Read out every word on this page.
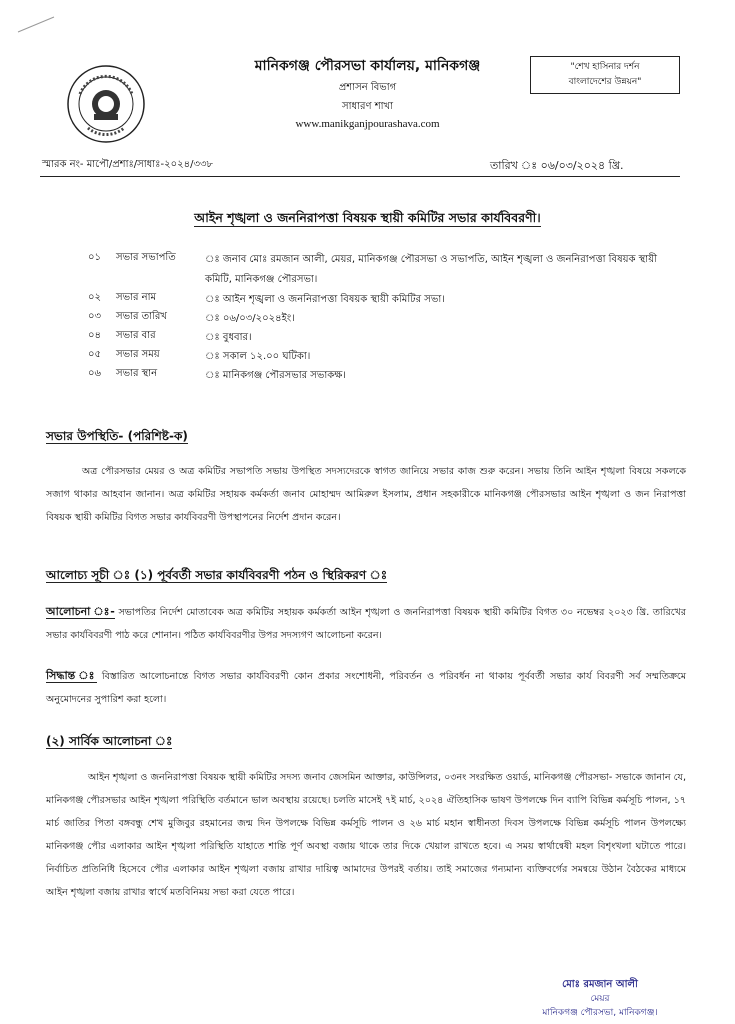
মানিকগঞ্জ পৌরসভা কার্যালয়, মানিকগঞ্জ
প্রশাসন বিভাগ
সাধারণ শাখা
www.manikganjpourashava.com
"শেখ হাসিনার দর্শন
বাংলাদেশের উন্নয়ন"
স্মারক নং- মাপৌ/প্রশাঃ/সাধাঃ-২০২৪/৩৩৮	তারিখ ঃ ০৬/০৩/২০২৪ খ্রি.
আইন শৃঙ্খলা ও জননিরাপত্তা বিষয়ক স্থায়ী কমিটির সভার কার্যবিবরণী।
০১ সভার সভাপতি	ঃ জনাব মোঃ রমজান আলী, মেয়র, মানিকগঞ্জ পৌরসভা ও সভাপতি, আইন শৃঙ্খলা ও জননিরাপত্তা বিষয়ক স্থায়ী কমিটি, মানিকগঞ্জ পৌরসভা।
০২ সভার নাম	ঃ আইন শৃঙ্খলা ও জননিরাপত্তা বিষয়ক স্থায়ী কমিটির সভা।
০৩ সভার তারিখ	ঃ ০৬/০৩/২০২৪ইং।
০৪ সভার বার	ঃ বুধবার।
০৫ সভার সময়	ঃ সকাল ১২.০০ ঘটিকা।
০৬ সভার স্থান	ঃ মানিকগঞ্জ পৌরসভার সভাকক্ষ।
সভার উপস্থিতি- (পরিশিষ্ট-ক)
অত্র পৌরসভার মেয়র ও অত্র কমিটির সভাপতি সভায় উপস্থিত সদস্যদেরকে স্বাগত জানিয়ে সভার কাজ শুরু করেন। সভায় তিনি আইন শৃঙ্খলা বিষয়ে সকলকে সজাগ থাকার আহবান জানান। অত্র কমিটির সহায়ক কর্মকর্তা জনাব মোহাম্মদ আমিরুল ইসলাম, প্রধান সহকারীকে মানিকগঞ্জ পৌরসভার আইন শৃঙ্খলা ও জন নিরাপত্তা বিষয়ক স্থায়ী কমিটির বিগত সভার কার্যবিবরণী উপস্থাপনের নির্দেশ প্রদান করেন।
আলোচ্য সূচী ঃ (১) পূর্ববর্তী সভার কার্যবিবরণী পঠন ও স্থিরিকরণ ঃ
আলোচনা ঃ- সভাপতির নির্দেশ মোতাবেক অত্র কমিটির সহায়ক কর্মকর্তা আইন শৃঙ্খলা ও জননিরাপত্তা বিষয়ক স্থায়ী কমিটির বিগত ৩০ নভেম্বর ২০২৩ খ্রি. তারিখের সভার কার্যবিবরণী পাঠ করে শোনান। পঠিত কার্যবিবরণীর উপর সদস্যগণ আলোচনা করেন।
সিদ্ধান্ত ঃ বিস্তারিত আলোচনান্তে বিগত সভার কার্যবিবরণী কোন প্রকার সংশোধনী, পরিবর্তন ও পরিবর্ধন না থাকায় পূর্ববর্তী সভার কার্য বিবরণী সর্ব সম্মতিক্রমে অনুমোদনের সুপারিশ করা হলো।
(২) সার্বিক আলোচনা ঃ
আইন শৃঙ্খলা ও জননিরাপত্তা বিষয়ক স্থায়ী কমিটির সদস্য জনাব জেসমিন আক্তার, কাউন্সিলর, ০৩নং সংরক্ষিত ওয়ার্ড, মানিকগঞ্জ পৌরসভা- সভাকে জানান যে, মানিকগঞ্জ পৌরসভার আইন শৃঙ্খলা পরিস্থিতি বর্তমানে ভাল অবস্থায় রয়েছে। চলতি মাসেই ৭ই মার্চ, ২০২৪ ঐতিহাসিক ভাষণ উপলক্ষে দিন ব্যাপি বিভিন্ন কর্মসূচি পালন, ১৭ মার্চ জাতির পিতা বঙ্গবন্ধু শেখ মুজিবুর রহমানের জন্ম দিন উপলক্ষে বিভিন্ন কর্মসূচি পালন ও ২৬ মার্চ মহান স্বাধীনতা দিবস উপলক্ষে বিভিন্ন কর্মসূচি পালন উপলক্ষ্যে মানিকগঞ্জ পৌর এলাকার আইন শৃঙ্খলা পরিস্থিতি যাহাতে শান্তি পূর্ণ অবস্থা বজায় থাকে তার দিকে খেয়াল রাখতে হবে। এ সময় স্বার্থান্বেষী মহল বিশৃংখলা ঘটাতে পারে। নির্বাচিত প্রতিনিধি হিসেবে পৌর এলাকার আইন শৃঙ্খলা বজায় রাখার দায়িত্ব আমাদের উপরই বর্তায়। তাই সমাজের গন্যমান্য ব্যক্তিবর্গের সমন্বয়ে উঠান বৈঠকের মাধ্যমে আইন শৃঙ্খলা বজায় রাখার স্বার্থে মতবিনিময় সভা করা যেতে পারে।
মোঃ রমজান আলী
মেয়র
মানিকগঞ্জ পৌরসভা, মানিকগঞ্জ।
